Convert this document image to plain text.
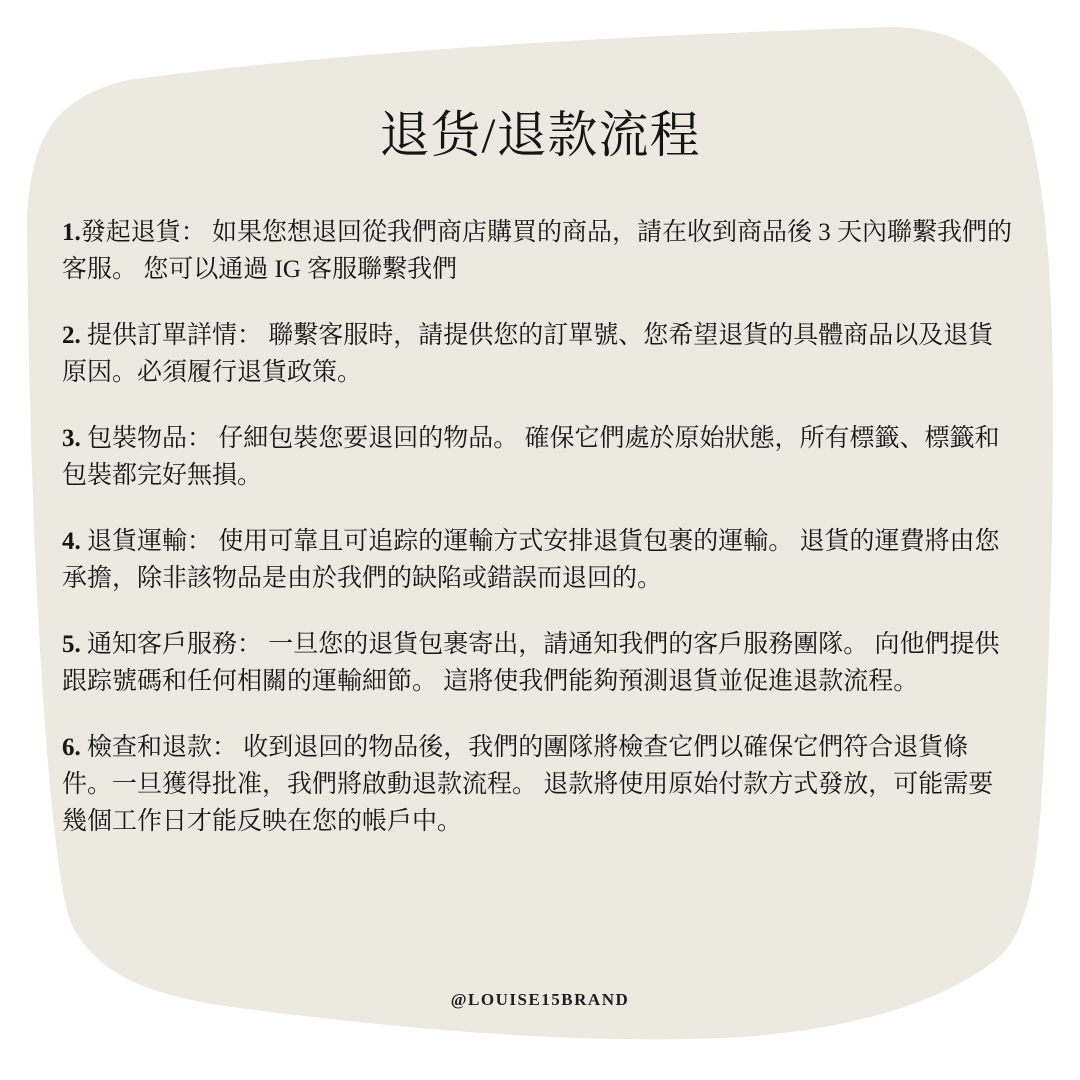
退货/退款流程

1.發起退貨： 如果您想退回從我們商店購買的商品，請在收到商品後 3 天內聯繫我們的客服。 您可以通過 IG 客服聯繫我們

2. 提供訂單詳情： 聯繫客服時，請提供您的訂單號、您希望退貨的具體商品以及退貨原因。必須履行退貨政策。

3. 包裝物品： 仔細包裝您要退回的物品。 確保它們處於原始狀態，所有標籤、標籤和包裝都完好無損。

4. 退貨運輸： 使用可靠且可追踪的運輸方式安排退貨包裹的運輸。 退貨的運費將由您承擔，除非該物品是由於我們的缺陷或錯誤而退回的。

5. 通知客戶服務： 一旦您的退貨包裹寄出，請通知我們的客戶服務團隊。 向他們提供跟踪號碼和任何相關的運輸細節。 這將使我們能夠預測退貨並促進退款流程。

6. 檢查和退款： 收到退回的物品後，我們的團隊將檢查它們以確保它們符合退貨條件。一旦獲得批准，我們將啟動退款流程。 退款將使用原始付款方式發放，可能需要幾個工作日才能反映在您的帳戶中。

@LOUISE15BRAND
